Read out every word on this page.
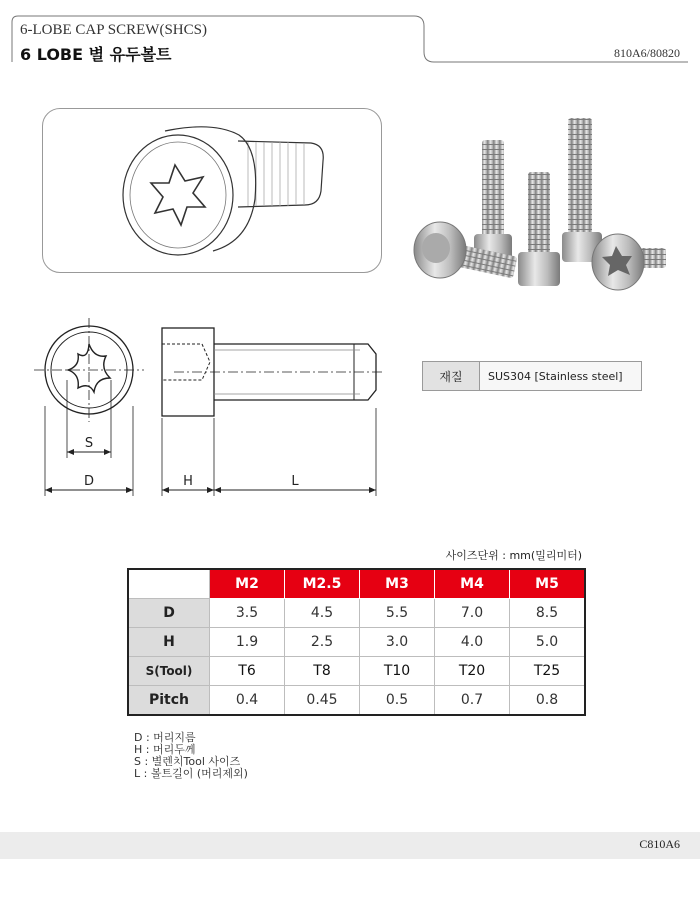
6-LOBE CAP SCREW(SHCS)
6 LOBE 별 유두볼트	810A6/80820
S
D	H	L
재질	SUS304 [Stainless steel]
사이즈단위 : mm(밀리미터)
	M2	M2.5	M3	M4	M5
D	3.5	4.5	5.5	7.0	8.5
H	1.9	2.5	3.0	4.0	5.0
S(Tool)	T6	T8	T10	T20	T25
Pitch	0.4	0.45	0.5	0.7	0.8
D : 머리지름
H : 머리두께
S : 별렌치Tool 사이즈
L : 볼트길이 (머리제외)
C810A6
